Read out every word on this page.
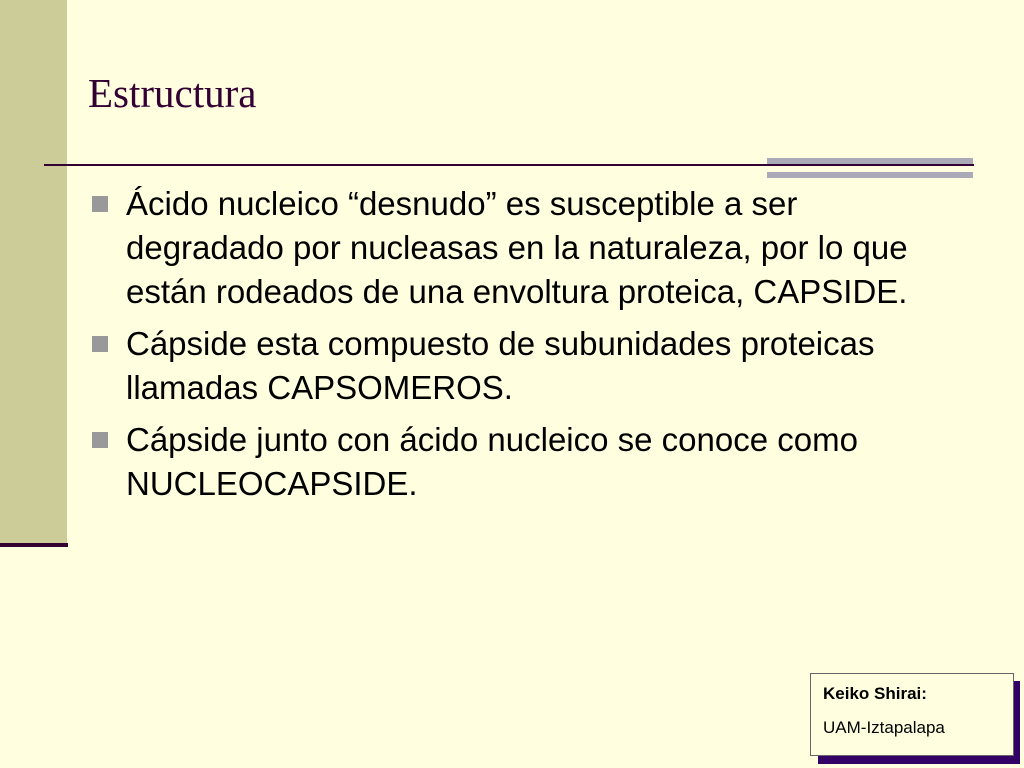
Estructura
Ácido nucleico “desnudo” es susceptible a ser degradado por nucleasas en la naturaleza, por lo que están rodeados de una envoltura proteica, CAPSIDE.
Cápside esta compuesto de subunidades proteicas llamadas CAPSOMEROS.
Cápside junto con ácido nucleico se conoce como NUCLEOCAPSIDE.
Keiko Shirai:
UAM-Iztapalapa
